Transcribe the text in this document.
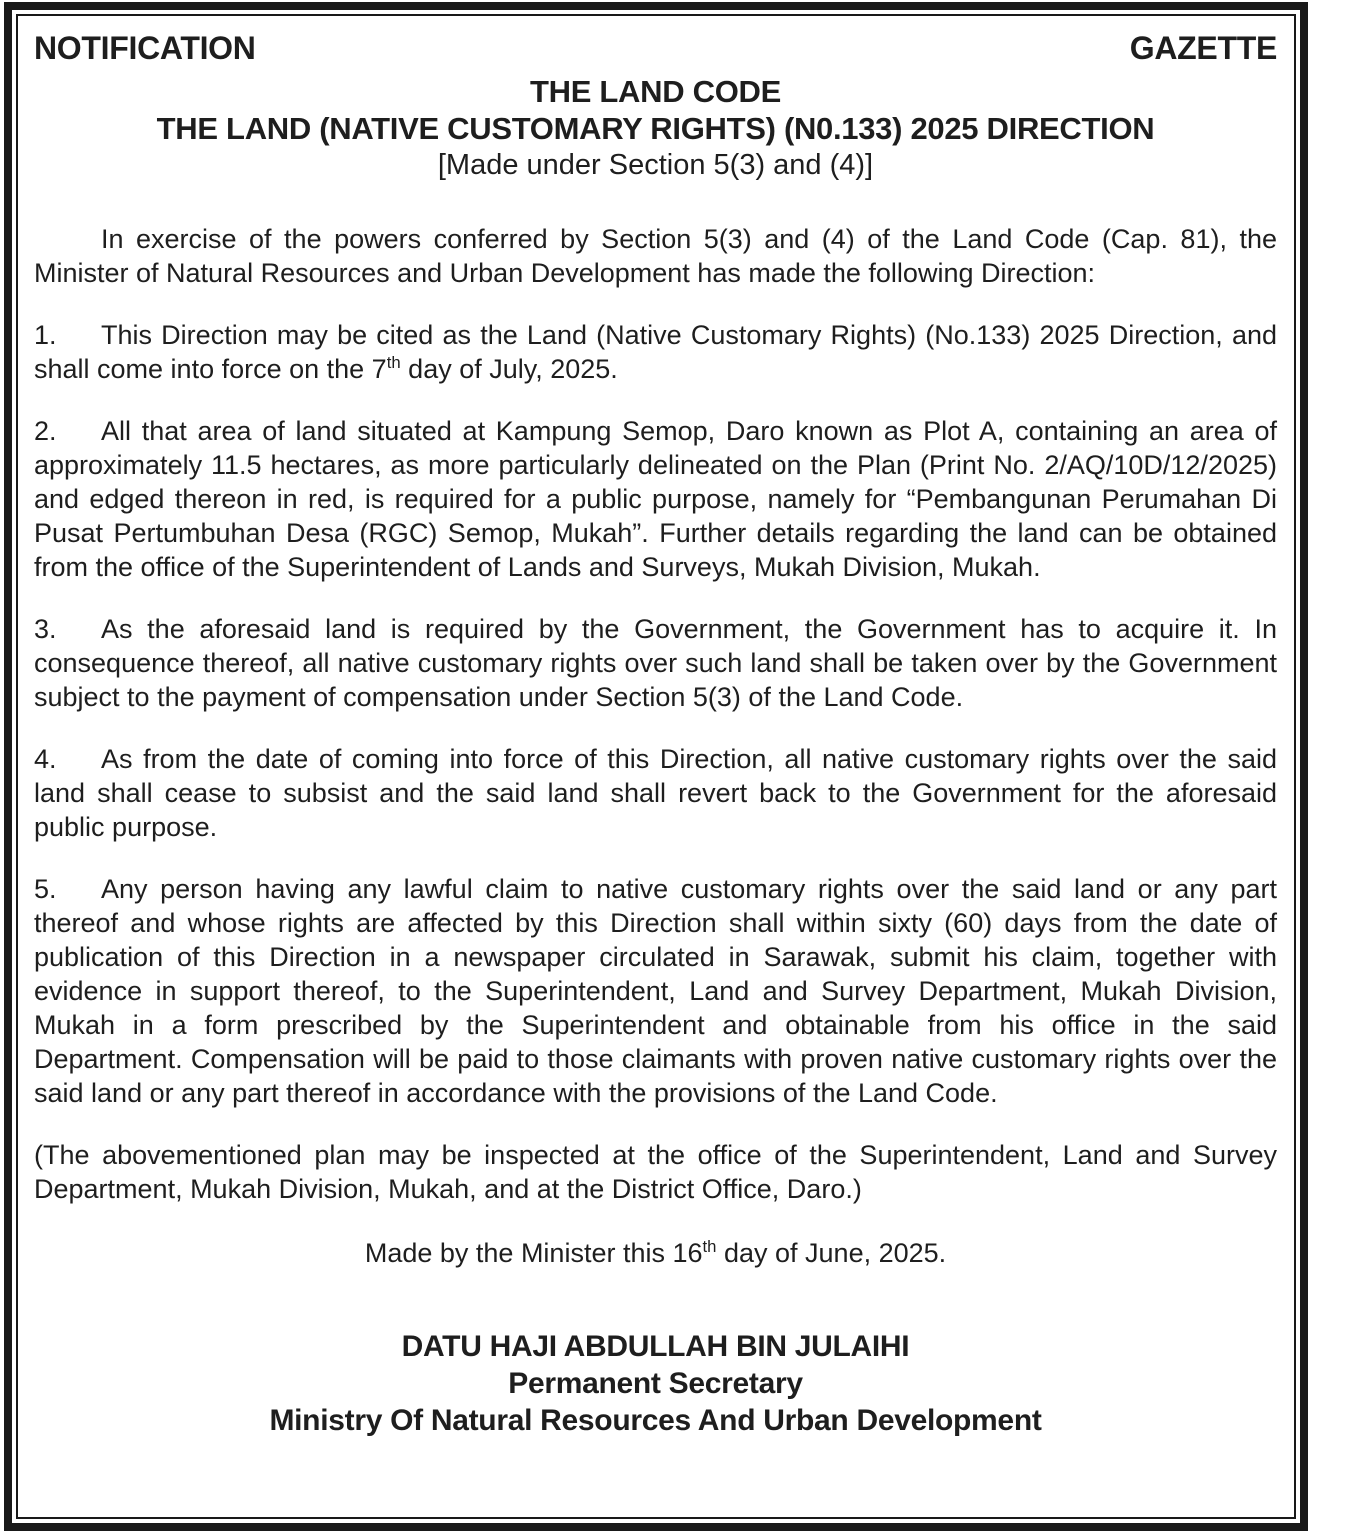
NOTIFICATION	GAZETTE
THE LAND CODE
THE LAND (NATIVE CUSTOMARY RIGHTS) (N0.133) 2025 DIRECTION
[Made under Section 5(3) and (4)]

In exercise of the powers conferred by Section 5(3) and (4) of the Land Code (Cap. 81), the Minister of Natural Resources and Urban Development has made the following Direction:

1. This Direction may be cited as the Land (Native Customary Rights) (No.133) 2025 Direction, and shall come into force on the 7th day of July, 2025.

2. All that area of land situated at Kampung Semop, Daro known as Plot A, containing an area of approximately 11.5 hectares, as more particularly delineated on the Plan (Print No. 2/AQ/10D/12/2025) and edged thereon in red, is required for a public purpose, namely for “Pembangunan Perumahan Di Pusat Pertumbuhan Desa (RGC) Semop, Mukah”. Further details regarding the land can be obtained from the office of the Superintendent of Lands and Surveys, Mukah Division, Mukah.

3. As the aforesaid land is required by the Government, the Government has to acquire it. In consequence thereof, all native customary rights over such land shall be taken over by the Government subject to the payment of compensation under Section 5(3) of the Land Code.

4. As from the date of coming into force of this Direction, all native customary rights over the said land shall cease to subsist and the said land shall revert back to the Government for the aforesaid public purpose.

5. Any person having any lawful claim to native customary rights over the said land or any part thereof and whose rights are affected by this Direction shall within sixty (60) days from the date of publication of this Direction in a newspaper circulated in Sarawak, submit his claim, together with evidence in support thereof, to the Superintendent, Land and Survey Department, Mukah Division, Mukah in a form prescribed by the Superintendent and obtainable from his office in the said Department. Compensation will be paid to those claimants with proven native customary rights over the said land or any part thereof in accordance with the provisions of the Land Code.

(The abovementioned plan may be inspected at the office of the Superintendent, Land and Survey Department, Mukah Division, Mukah, and at the District Office, Daro.)

Made by the Minister this 16th day of June, 2025.

DATU HAJI ABDULLAH BIN JULAIHI
Permanent Secretary
Ministry Of Natural Resources And Urban Development
